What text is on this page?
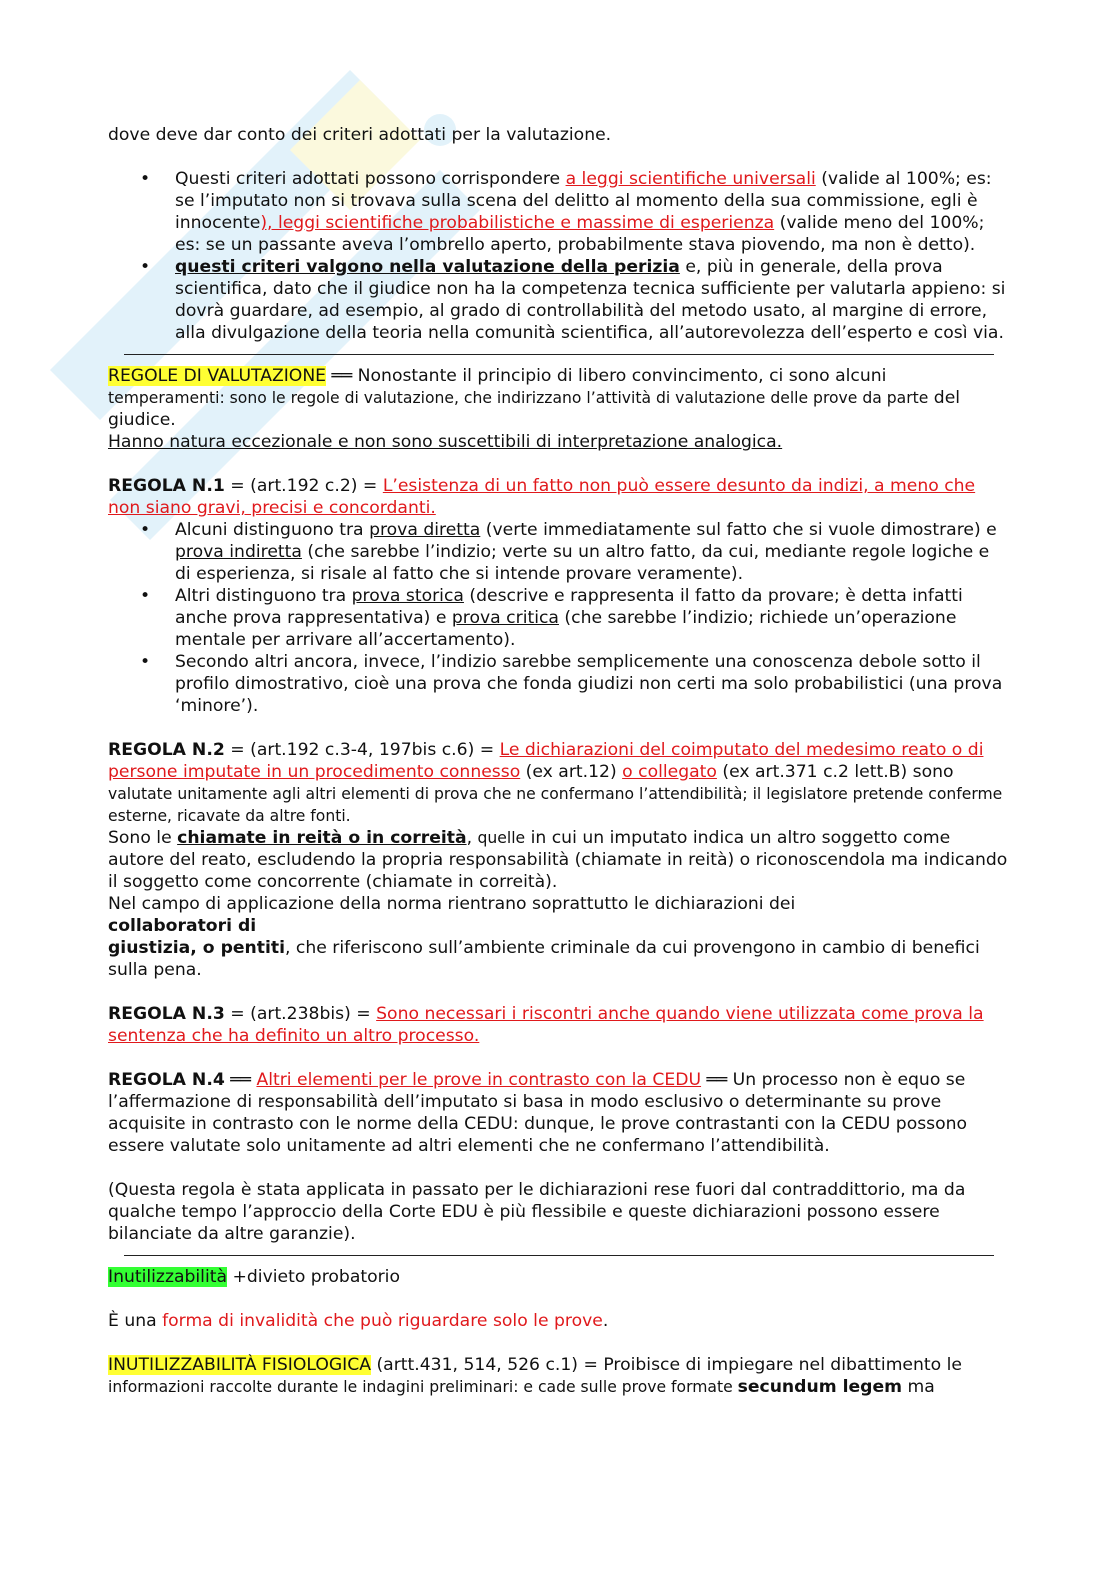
dove deve dar conto dei criteri adottati per la valutazione.

• Questi criteri adottati possono corrispondere a leggi scientifiche universali (valide al 100%; es: se l’imputato non si trovava sulla scena del delitto al momento della sua commissione, egli è innocente), leggi scientifiche probabilistiche e massime di esperienza (valide meno del 100%; es: se un passante aveva l’ombrello aperto, probabilmente stava piovendo, ma non è detto).
• questi criteri valgono nella valutazione della perizia e, più in generale, della prova scientifica, dato che il giudice non ha la competenza tecnica sufficiente per valutarla appieno: si dovrà guardare, ad esempio, al grado di controllabilità del metodo usato, al margine di errore, alla divulgazione della teoria nella comunità scientifica, all’autorevolezza dell’esperto e così via.

REGOLE DI VALUTAZIONE ══ Nonostante il principio di libero convincimento, ci sono alcuni temperamenti: sono le regole di valutazione, che indirizzano l’attività di valutazione delle prove da parte del giudice.

Hanno natura eccezionale e non sono suscettibili di interpretazione analogica.

REGOLA N.1 = (art.192 c.2) = L’esistenza di un fatto non può essere desunto da indizi, a meno che non siano gravi, precisi e concordanti.

• Alcuni distinguono tra prova diretta (verte immediatamente sul fatto che si vuole dimostrare) e prova indiretta (che sarebbe l’indizio; verte su un altro fatto, da cui, mediante regole logiche e di esperienza, si risale al fatto che si intende provare veramente).
• Altri distinguono tra prova storica (descrive e rappresenta il fatto da provare; è detta infatti anche prova rappresentativa) e prova critica (che sarebbe l’indizio; richiede un’operazione mentale per arrivare all’accertamento).
• Secondo altri ancora, invece, l’indizio sarebbe semplicemente una conoscenza debole sotto il profilo dimostrativo, cioè una prova che fonda giudizi non certi ma solo probabilistici (una prova ‘minore’).

REGOLA N.2 = (art.192 c.3-4, 197bis c.6) = Le dichiarazioni del coimputato del medesimo reato o di persone imputate in un procedimento connesso (ex art.12) o collegato (ex art.371 c.2 lett.B) sono valutate unitamente agli altri elementi di prova che ne confermano l’attendibilità; il legislatore pretende conferme esterne, ricavate da altre fonti.

Sono le chiamate in reità o in correità, quelle in cui un imputato indica un altro soggetto come autore del reato, escludendo la propria responsabilità (chiamate in reità) o riconoscendola ma indicando il soggetto come concorrente (chiamate in correità).

Nel campo di applicazione della norma rientrano soprattutto le dichiarazioni dei
collaboratori di
giustizia, o pentiti, che riferiscono sull’ambiente criminale da cui provengono in cambio di benefici sulla pena.

REGOLA N.3 = (art.238bis) = Sono necessari i riscontri anche quando viene utilizzata come prova la sentenza che ha definito un altro processo.

REGOLA N.4 ══ Altri elementi per le prove in contrasto con la CEDU ══ Un processo non è equo se l’affermazione di responsabilità dell’imputato si basa in modo esclusivo o determinante su prove acquisite in contrasto con le norme della CEDU: dunque, le prove contrastanti con la CEDU possono essere valutate solo unitamente ad altri elementi che ne confermano l’attendibilità.

(Questa regola è stata applicata in passato per le dichiarazioni rese fuori dal contraddittorio, ma da qualche tempo l’approccio della Corte EDU è più flessibile e queste dichiarazioni possono essere bilanciate da altre garanzie).

Inutilizzabilità +divieto probatorio

È una forma di invalidità che può riguardare solo le prove.

INUTILIZZABILITÀ FISIOLOGICA (artt.431, 514, 526 c.1) = Proibisce di impiegare nel dibattimento le informazioni raccolte durante le indagini preliminari: e cade sulle prove formate secundum legem ma
